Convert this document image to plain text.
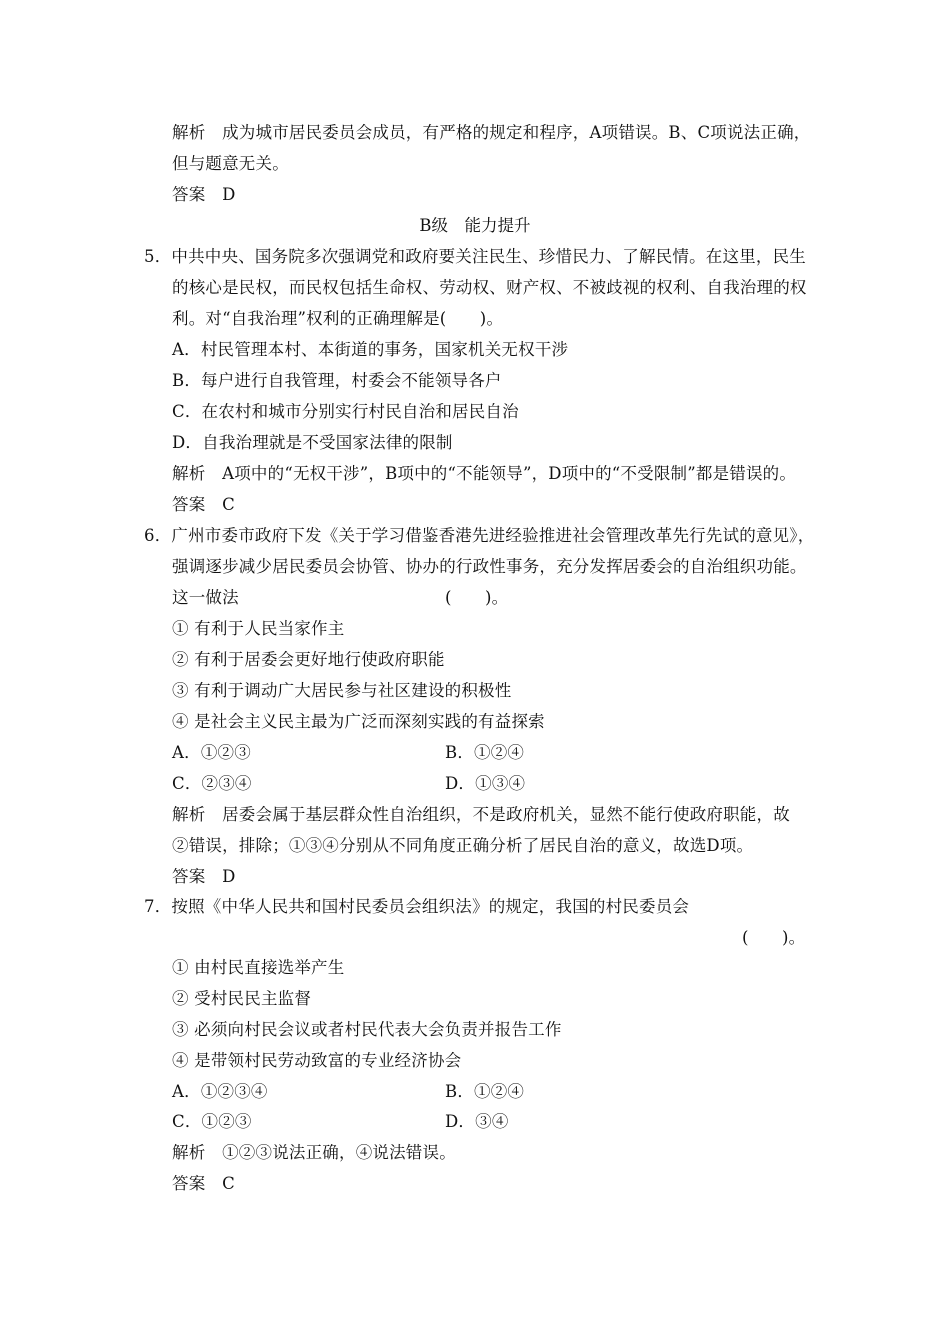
解析　成为城市居民委员会成员，有严格的规定和程序，A项错误。B、C项说法正确，
但与题意无关。
答案　D
B级　能力提升
5．中共中央、国务院多次强调党和政府要关注民生、珍惜民力、了解民情。在这里，民生
的核心是民权，而民权包括生命权、劳动权、财产权、不被歧视的权利、自我治理的权
利。对“自我治理”权利的正确理解是(　　)。
A．村民管理本村、本街道的事务，国家机关无权干涉
B．每户进行自我管理，村委会不能领导各户
C．在农村和城市分别实行村民自治和居民自治
D．自我治理就是不受国家法律的限制
解析　A项中的“无权干涉”，B项中的“不能领导”，D项中的“不受限制”都是错误的。
答案　C
6．广州市委市政府下发《关于学习借鉴香港先进经验推进社会管理改革先行先试的意见》，
强调逐步减少居民委员会协管、协办的行政性事务，充分发挥居委会的自治组织功能。
这一做法	(　　)。
① 有利于人民当家作主
② 有利于居委会更好地行使政府职能
③ 有利于调动广大居民参与社区建设的积极性
④ 是社会主义民主最为广泛而深刻实践的有益探索
A．①②③	B．①②④
C．②③④	D．①③④
解析　居委会属于基层群众性自治组织，不是政府机关，显然不能行使政府职能，故
②错误，排除；①③④分别从不同角度正确分析了居民自治的意义，故选D项。
答案　D
7．按照《中华人民共和国村民委员会组织法》的规定，我国的村民委员会
(　　)。
① 由村民直接选举产生
② 受村民民主监督
③ 必须向村民会议或者村民代表大会负责并报告工作
④ 是带领村民劳动致富的专业经济协会
A．①②③④	B．①②④
C．①②③	D．③④
解析　①②③说法正确，④说法错误。
答案　C
